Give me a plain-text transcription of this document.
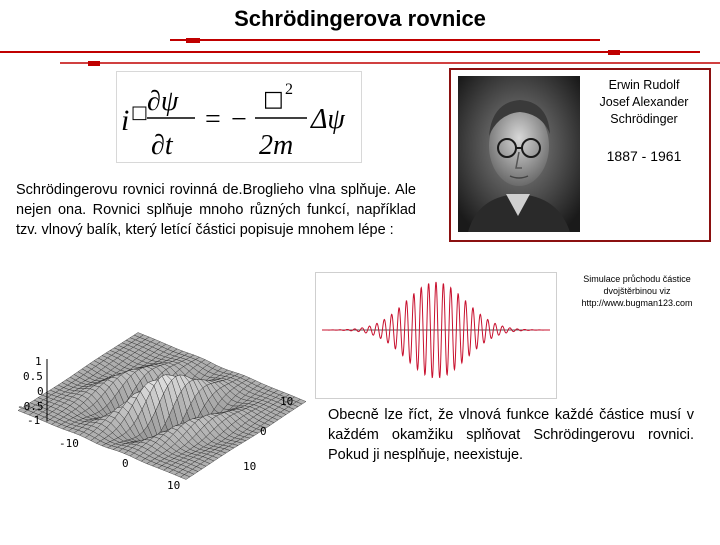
Schrödingerova rovnice
i □
∂ψ
∂t
= −
□ 2
2m
Δψ
Erwin Rudolf
Josef Alexander
Schrödinger
1887 - 1961
Schrödingerovu rovnici rovinná de.Broglieho vlna splňuje. Ale nejen ona. Rovnici splňuje mnoho různých funkcí, například tzv. vlnový balík, který letící částici popisuje mnohem lépe :
Simulace průchodu částice
dvojštěrbinou viz
http://www.bugman123.com
1
0.5
0
-0.5
-1
-10
0
10
10
0
10
Obecně lze říct, že vlnová funkce každé částice musí v každém okamžiku splňovat Schrödingerovu rovnici. Pokud ji nesplňuje, neexistuje.
